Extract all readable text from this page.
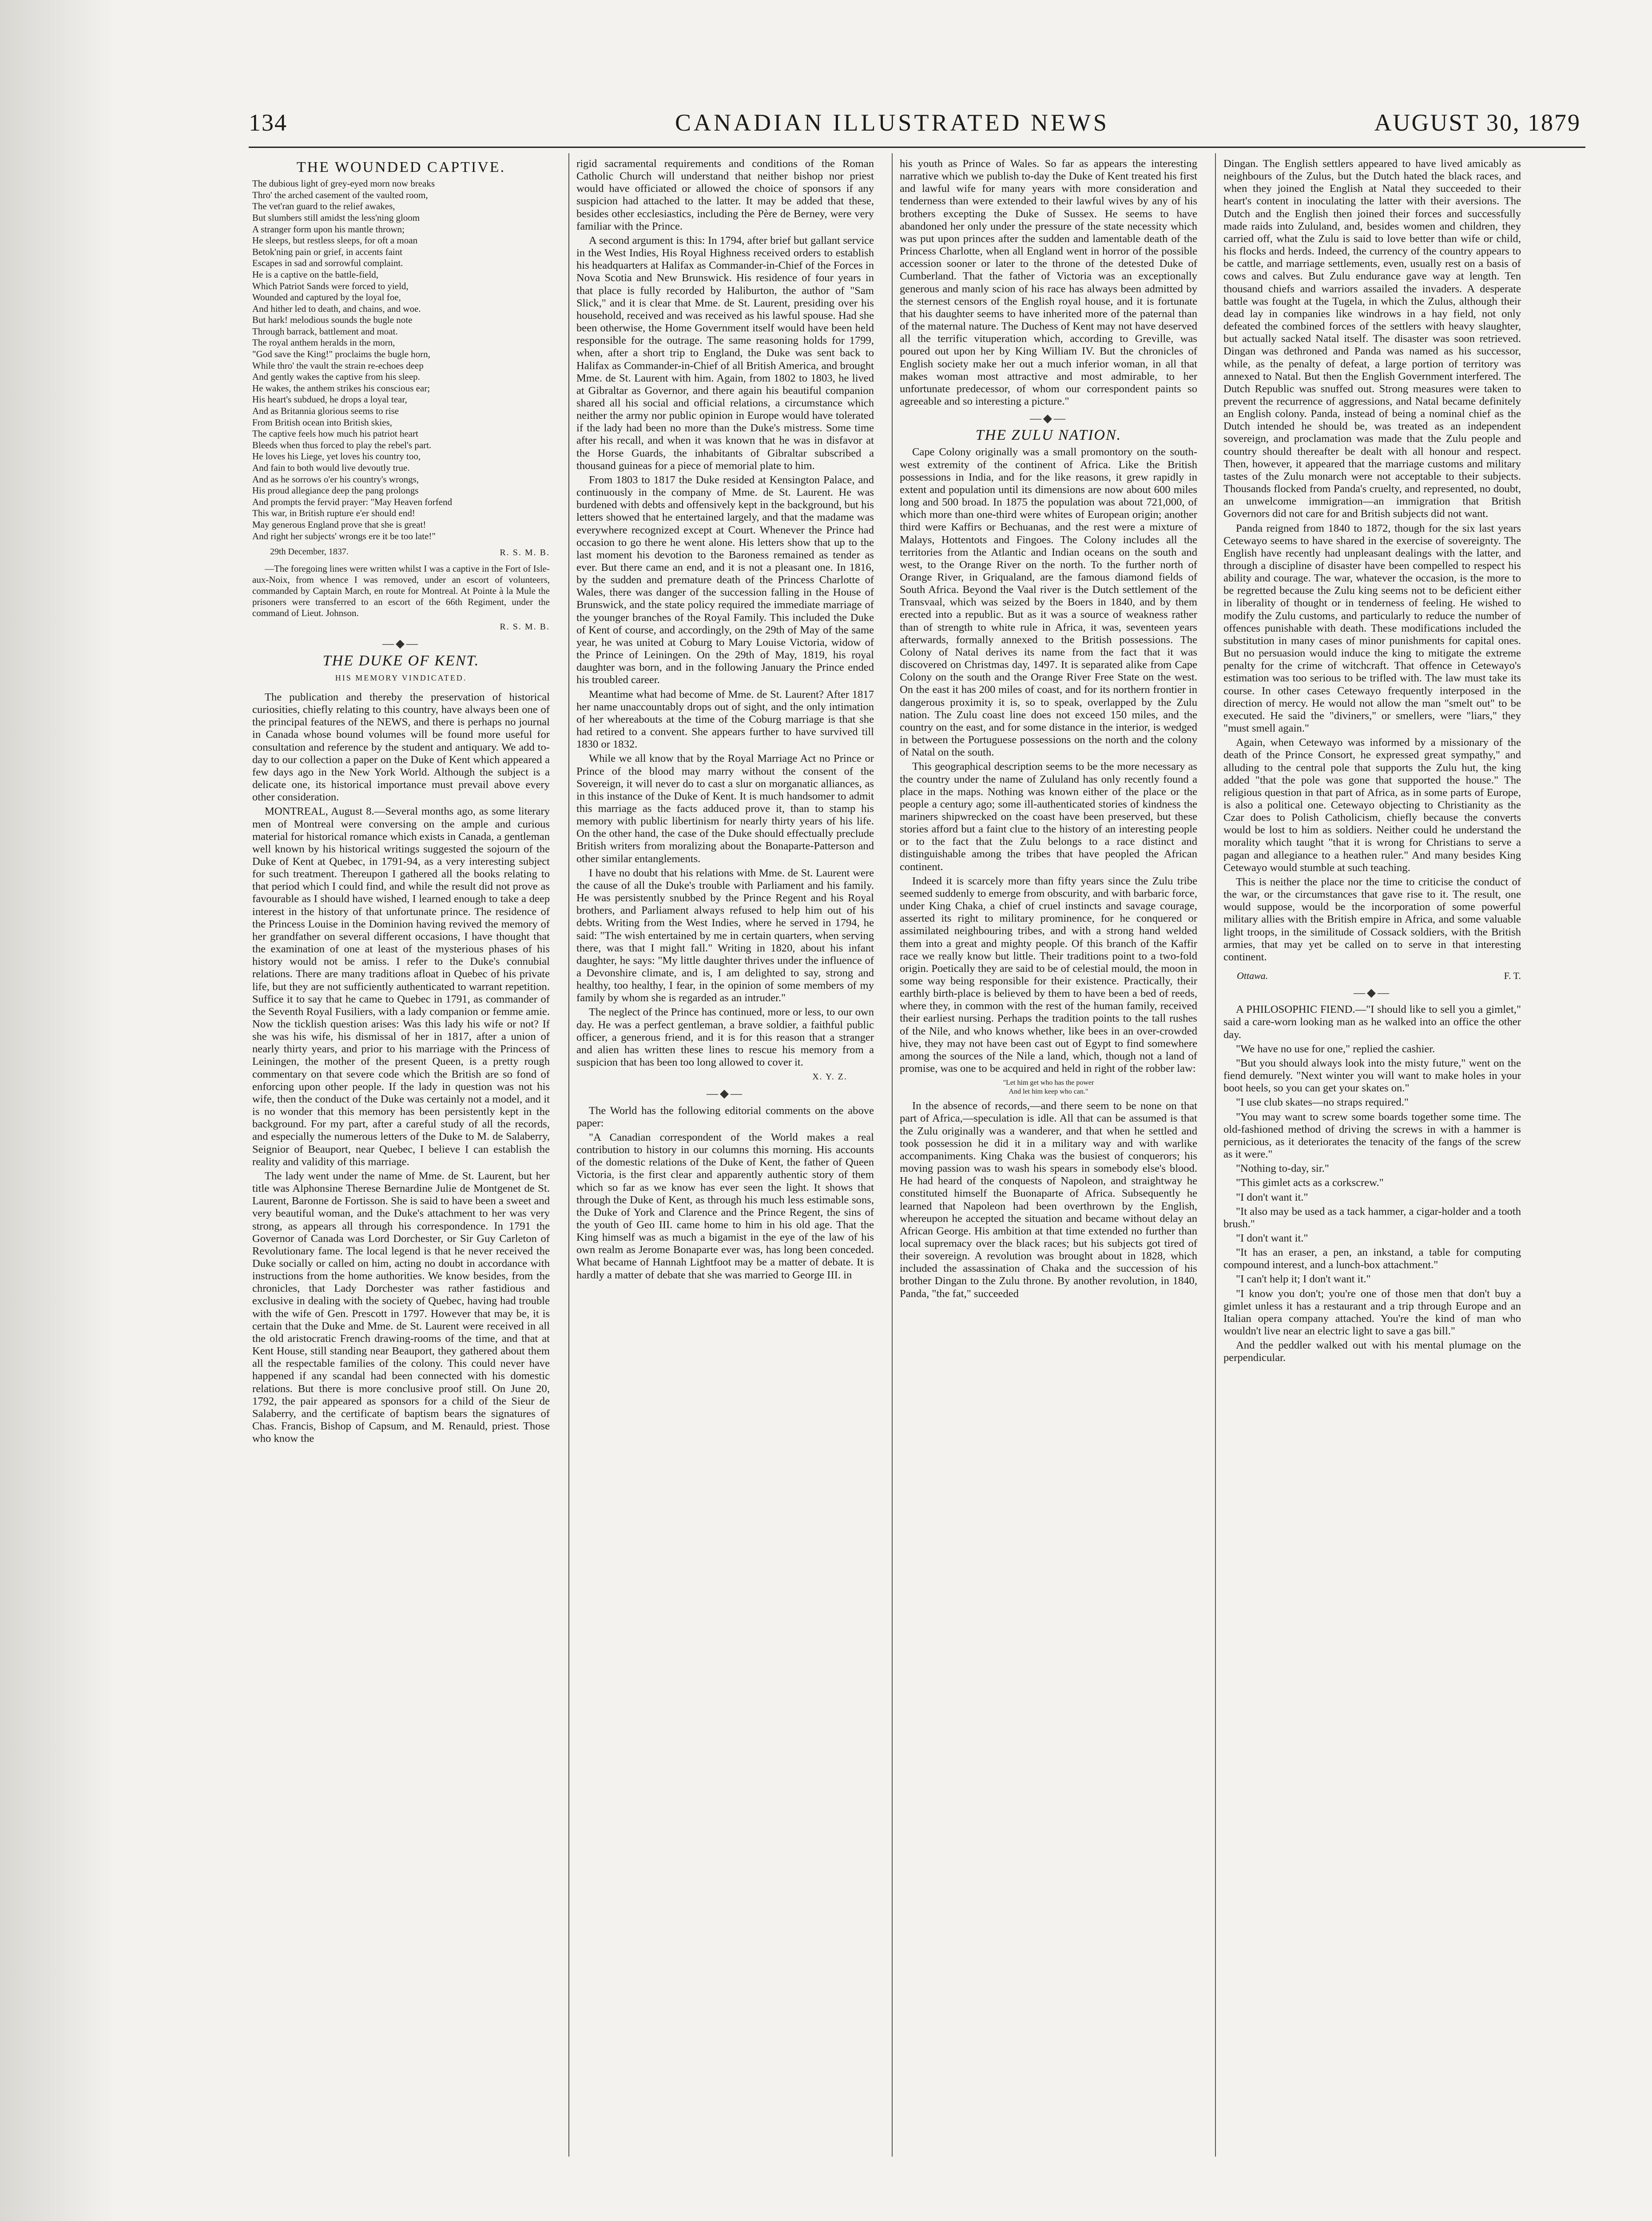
134	CANADIAN ILLUSTRATED NEWS	AUGUST 30, 1879
THE WOUNDED CAPTIVE.
The dubious light of grey-eyed morn now breaks
Thro' the arched casement of the vaulted room,
The vet'ran guard to the relief awakes,
But slumbers still amidst the less'ning gloom
A stranger form upon his mantle thrown;
He sleeps, but restless sleeps, for oft a moan
Betok'ning pain or grief, in accents faint
Escapes in sad and sorrowful complaint.
He is a captive on the battle-field,
Which Patriot Sands were forced to yield,
Wounded and captured by the loyal foe,
And hither led to death, and chains, and woe.
But hark! melodious sounds the bugle note
Through barrack, battlement and moat.
The royal anthem heralds in the morn,
"God save the King!" proclaims the bugle horn,
While thro' the vault the strain re-echoes deep
And gently wakes the captive from his sleep.
He wakes, the anthem strikes his conscious ear;
His heart's subdued, he drops a loyal tear,
And as Britannia glorious seems to rise
From British ocean into British skies,
The captive feels how much his patriot heart
Bleeds when thus forced to play the rebel's part.
He loves his Liege, yet loves his country too,
And fain to both would live devoutly true.
And as he sorrows o'er his country's wrongs,
His proud allegiance deep the pang prolongs
And prompts the fervid prayer: "May Heaven forfend
This war, in British rupture e'er should end!
May generous England prove that she is great!
And right her subjects' wrongs ere it be too late!"
29th December, 1837.	R. S. M. B.

—The foregoing lines were written whilst I was a captive in the Fort of Isle-aux-Noix, from whence I was removed, under an escort of volunteers, commanded by Captain March, en route for Montreal. At Pointe à la Mule the prisoners were transferred to an escort of the 66th Regiment, under the command of Lieut. Johnson.

R. S. M. B.
—◆—
THE DUKE OF KENT.
HIS MEMORY VINDICATED.

The publication and thereby the preservation of historical curiosities, chiefly relating to this country, have always been one of the principal features of the NEWS, and there is perhaps no journal in Canada whose bound volumes will be found more useful for consultation and reference by the student and antiquary. We add to-day to our collection a paper on the Duke of Kent which appeared a few days ago in the New York World. Although the subject is a delicate one, its historical importance must prevail above every other consideration.

MONTREAL, August 8.—Several months ago, as some literary men of Montreal were conversing on the ample and curious material for historical romance which exists in Canada, a gentleman well known by his historical writings suggested the sojourn of the Duke of Kent at Quebec, in 1791-94, as a very interesting subject for such treatment. Thereupon I gathered all the books relating to that period which I could find, and while the result did not prove as favourable as I should have wished, I learned enough to take a deep interest in the history of that unfortunate prince. The residence of the Princess Louise in the Dominion having revived the memory of her grandfather on several different occasions, I have thought that the examination of one at least of the mysterious phases of his history would not be amiss. I refer to the Duke's connubial relations. There are many traditions afloat in Quebec of his private life, but they are not sufficiently authenticated to warrant repetition. Suffice it to say that he came to Quebec in 1791, as commander of the Seventh Royal Fusiliers, with a lady companion or femme amie. Now the ticklish question arises: Was this lady his wife or not? If she was his wife, his dismissal of her in 1817, after a union of nearly thirty years, and prior to his marriage with the Princess of Leiningen, the mother of the present Queen, is a pretty rough commentary on that severe code which the British are so fond of enforcing upon other people. If the lady in question was not his wife, then the conduct of the Duke was certainly not a model, and it is no wonder that this memory has been persistently kept in the background. For my part, after a careful study of all the records, and especially the numerous letters of the Duke to M. de Salaberry, Seignior of Beauport, near Quebec, I believe I can establish the reality and validity of this marriage.

The lady went under the name of Mme. de St. Laurent, but her title was Alphonsine Therese Bernardine Julie de Montgenet de St. Laurent, Baronne de Fortisson. She is said to have been a sweet and very beautiful woman, and the Duke's attachment to her was very strong, as appears all through his correspondence. In 1791 the Governor of Canada was Lord Dorchester, or Sir Guy Carleton of Revolutionary fame. The local legend is that he never received the Duke socially or called on him, acting no doubt in accordance with instructions from the home authorities. We know besides, from the chronicles, that Lady Dorchester was rather fastidious and exclusive in dealing with the society of Quebec, having had trouble with the wife of Gen. Prescott in 1797. However that may be, it is certain that the Duke and Mme. de St. Laurent were received in all the old aristocratic French drawing-rooms of the time, and that at Kent House, still standing near Beauport, they gathered about them all the respectable families of the colony. This could never have happened if any scandal had been connected with his domestic relations. But there is more conclusive proof still. On June 20, 1792, the pair appeared as sponsors for a child of the Sieur de Salaberry, and the certificate of baptism bears the signatures of Chas. Francis, Bishop of Capsum, and M. Renauld, priest. Those who know the

rigid sacramental requirements and conditions of the Roman Catholic Church will understand that neither bishop nor priest would have officiated or allowed the choice of sponsors if any suspicion had attached to the latter. It may be added that these, besides other ecclesiastics, including the Père de Berney, were very familiar with the Prince.

A second argument is this: In 1794, after brief but gallant service in the West Indies, His Royal Highness received orders to establish his headquarters at Halifax as Commander-in-Chief of the Forces in Nova Scotia and New Brunswick. His residence of four years in that place is fully recorded by Haliburton, the author of "Sam Slick," and it is clear that Mme. de St. Laurent, presiding over his household, received and was received as his lawful spouse. Had she been otherwise, the Home Government itself would have been held responsible for the outrage. The same reasoning holds for 1799, when, after a short trip to England, the Duke was sent back to Halifax as Commander-in-Chief of all British America, and brought Mme. de St. Laurent with him. Again, from 1802 to 1803, he lived at Gibraltar as Governor, and there again his beautiful companion shared all his social and official relations, a circumstance which neither the army nor public opinion in Europe would have tolerated if the lady had been no more than the Duke's mistress. Some time after his recall, and when it was known that he was in disfavor at the Horse Guards, the inhabitants of Gibraltar subscribed a thousand guineas for a piece of memorial plate to him.

From 1803 to 1817 the Duke resided at Kensington Palace, and continuously in the company of Mme. de St. Laurent. He was burdened with debts and offensively kept in the background, but his letters showed that he entertained largely, and that the madame was everywhere recognized except at Court. Whenever the Prince had occasion to go there he went alone. His letters show that up to the last moment his devotion to the Baroness remained as tender as ever. But there came an end, and it is not a pleasant one. In 1816, by the sudden and premature death of the Princess Charlotte of Wales, there was danger of the succession falling in the House of Brunswick, and the state policy required the immediate marriage of the younger branches of the Royal Family. This included the Duke of Kent of course, and accordingly, on the 29th of May of the same year, he was united at Coburg to Mary Louise Victoria, widow of the Prince of Leiningen. On the 29th of May, 1819, his royal daughter was born, and in the following January the Prince ended his troubled career.

Meantime what had become of Mme. de St. Laurent? After 1817 her name unaccountably drops out of sight, and the only intimation of her whereabouts at the time of the Coburg marriage is that she had retired to a convent. She appears further to have survived till 1830 or 1832.

While we all know that by the Royal Marriage Act no Prince or Prince of the blood may marry without the consent of the Sovereign, it will never do to cast a slur on morganatic alliances, as in this instance of the Duke of Kent. It is much handsomer to admit this marriage as the facts adduced prove it, than to stamp his memory with public libertinism for nearly thirty years of his life. On the other hand, the case of the Duke should effectually preclude British writers from moralizing about the Bonaparte-Patterson and other similar entanglements.

I have no doubt that his relations with Mme. de St. Laurent were the cause of all the Duke's trouble with Parliament and his family. He was persistently snubbed by the Prince Regent and his Royal brothers, and Parliament always refused to help him out of his debts. Writing from the West Indies, where he served in 1794, he said: "The wish entertained by me in certain quarters, when serving there, was that I might fall." Writing in 1820, about his infant daughter, he says: "My little daughter thrives under the influence of a Devonshire climate, and is, I am delighted to say, strong and healthy, too healthy, I fear, in the opinion of some members of my family by whom she is regarded as an intruder."

The neglect of the Prince has continued, more or less, to our own day. He was a perfect gentleman, a brave soldier, a faithful public officer, a generous friend, and it is for this reason that a stranger and alien has written these lines to rescue his memory from a suspicion that has been too long allowed to cover it.

X. Y. Z.
—◆—

The World has the following editorial comments on the above paper:

"A Canadian correspondent of the World makes a real contribution to history in our columns this morning. His accounts of the domestic relations of the Duke of Kent, the father of Queen Victoria, is the first clear and apparently authentic story of them which so far as we know has ever seen the light. It shows that through the Duke of Kent, as through his much less estimable sons, the Duke of York and Clarence and the Prince Regent, the sins of the youth of Geo III. came home to him in his old age. That the King himself was as much a bigamist in the eye of the law of his own realm as Jerome Bonaparte ever was, has long been conceded. What became of Hannah Lightfoot may be a matter of debate. It is hardly a matter of debate that she was married to George III. in

his youth as Prince of Wales. So far as appears the interesting narrative which we publish to-day the Duke of Kent treated his first and lawful wife for many years with more consideration and tenderness than were extended to their lawful wives by any of his brothers excepting the Duke of Sussex. He seems to have abandoned her only under the pressure of the state necessity which was put upon princes after the sudden and lamentable death of the Princess Charlotte, when all England went in horror of the possible accession sooner or later to the throne of the detested Duke of Cumberland. That the father of Victoria was an exceptionally generous and manly scion of his race has always been admitted by the sternest censors of the English royal house, and it is fortunate that his daughter seems to have inherited more of the paternal than of the maternal nature. The Duchess of Kent may not have deserved all the terrific vituperation which, according to Greville, was poured out upon her by King William IV. But the chronicles of English society make her out a much inferior woman, in all that makes woman most attractive and most admirable, to her unfortunate predecessor, of whom our correspondent paints so agreeable and so interesting a picture."

—◆—
THE ZULU NATION.

Cape Colony originally was a small promontory on the south-west extremity of the continent of Africa. Like the British possessions in India, and for the like reasons, it grew rapidly in extent and population until its dimensions are now about 600 miles long and 500 broad. In 1875 the population was about 721,000, of which more than one-third were whites of European origin; another third were Kaffirs or Bechuanas, and the rest were a mixture of Malays, Hottentots and Fingoes. The Colony includes all the territories from the Atlantic and Indian oceans on the south and west, to the Orange River on the north. To the further north of Orange River, in Griqualand, are the famous diamond fields of South Africa. Beyond the Vaal river is the Dutch settlement of the Transvaal, which was seized by the Boers in 1840, and by them erected into a republic. But as it was a source of weakness rather than of strength to white rule in Africa, it was, seventeen years afterwards, formally annexed to the British possessions. The Colony of Natal derives its name from the fact that it was discovered on Christmas day, 1497. It is separated alike from Cape Colony on the south and the Orange River Free State on the west. On the east it has 200 miles of coast, and for its northern frontier in dangerous proximity it is, so to speak, overlapped by the Zulu nation. The Zulu coast line does not exceed 150 miles, and the country on the east, and for some distance in the interior, is wedged in between the Portuguese possessions on the north and the colony of Natal on the south.

This geographical description seems to be the more necessary as the country under the name of Zululand has only recently found a place in the maps. Nothing was known either of the place or the people a century ago; some ill-authenticated stories of kindness the mariners shipwrecked on the coast have been preserved, but these stories afford but a faint clue to the history of an interesting people or to the fact that the Zulu belongs to a race distinct and distinguishable among the tribes that have peopled the African continent.

Indeed it is scarcely more than fifty years since the Zulu tribe seemed suddenly to emerge from obscurity, and with barbaric force, under King Chaka, a chief of cruel instincts and savage courage, asserted its right to military prominence, for he conquered or assimilated neighbouring tribes, and with a strong hand welded them into a great and mighty people. Of this branch of the Kaffir race we really know but little. Their traditions point to a two-fold origin. Poetically they are said to be of celestial mould, the moon in some way being responsible for their existence. Practically, their earthly birth-place is believed by them to have been a bed of reeds, where they, in common with the rest of the human family, received their earliest nursing. Perhaps the tradition points to the tall rushes of the Nile, and who knows whether, like bees in an over-crowded hive, they may not have been cast out of Egypt to find somewhere among the sources of the Nile a land, which, though not a land of promise, was one to be acquired and held in right of the robber law:

"Let him get who has the power
And let him keep who can."

In the absence of records,—and there seem to be none on that part of Africa,—speculation is idle. All that can be assumed is that the Zulu originally was a wanderer, and that when he settled and took possession he did it in a military way and with warlike accompaniments. King Chaka was the busiest of conquerors; his moving passion was to wash his spears in somebody else's blood. He had heard of the conquests of Napoleon, and straightway he constituted himself the Buonaparte of Africa. Subsequently he learned that Napoleon had been overthrown by the English, whereupon he accepted the situation and became without delay an African George. His ambition at that time extended no further than local supremacy over the black races; but his subjects got tired of their sovereign. A revolution was brought about in 1828, which included the assassination of Chaka and the succession of his brother Dingan to the Zulu throne. By another revolution, in 1840, Panda, "the fat," succeeded

Dingan. The English settlers appeared to have lived amicably as neighbours of the Zulus, but the Dutch hated the black races, and when they joined the English at Natal they succeeded to their heart's content in inoculating the latter with their aversions. The Dutch and the English then joined their forces and successfully made raids into Zululand, and, besides women and children, they carried off, what the Zulu is said to love better than wife or child, his flocks and herds. Indeed, the currency of the country appears to be cattle, and marriage settlements, even, usually rest on a basis of cows and calves. But Zulu endurance gave way at length. Ten thousand chiefs and warriors assailed the invaders. A desperate battle was fought at the Tugela, in which the Zulus, although their dead lay in companies like windrows in a hay field, not only defeated the combined forces of the settlers with heavy slaughter, but actually sacked Natal itself. The disaster was soon retrieved. Dingan was dethroned and Panda was named as his successor, while, as the penalty of defeat, a large portion of territory was annexed to Natal. But then the English Government interfered. The Dutch Republic was snuffed out. Strong measures were taken to prevent the recurrence of aggressions, and Natal became definitely an English colony. Panda, instead of being a nominal chief as the Dutch intended he should be, was treated as an independent sovereign, and proclamation was made that the Zulu people and country should thereafter be dealt with all honour and respect. Then, however, it appeared that the marriage customs and military tastes of the Zulu monarch were not acceptable to their subjects. Thousands flocked from Panda's cruelty, and represented, no doubt, an unwelcome immigration—an immigration that British Governors did not care for and British subjects did not want.

Panda reigned from 1840 to 1872, though for the six last years Cetewayo seems to have shared in the exercise of sovereignty. The English have recently had unpleasant dealings with the latter, and through a discipline of disaster have been compelled to respect his ability and courage. The war, whatever the occasion, is the more to be regretted because the Zulu king seems not to be deficient either in liberality of thought or in tenderness of feeling. He wished to modify the Zulu customs, and particularly to reduce the number of offences punishable with death. These modifications included the substitution in many cases of minor punishments for capital ones. But no persuasion would induce the king to mitigate the extreme penalty for the crime of witchcraft. That offence in Cetewayo's estimation was too serious to be trifled with. The law must take its course. In other cases Cetewayo frequently interposed in the direction of mercy. He would not allow the man "smelt out" to be executed. He said the "diviners," or smellers, were "liars," they "must smell again."

Again, when Cetewayo was informed by a missionary of the death of the Prince Consort, he expressed great sympathy," and alluding to the central pole that supports the Zulu hut, the king added "that the pole was gone that supported the house." The religious question in that part of Africa, as in some parts of Europe, is also a political one. Cetewayo objecting to Christianity as the Czar does to Polish Catholicism, chiefly because the converts would be lost to him as soldiers. Neither could he understand the morality which taught "that it is wrong for Christians to serve a pagan and allegiance to a heathen ruler." And many besides King Cetewayo would stumble at such teaching.

This is neither the place nor the time to criticise the conduct of the war, or the circumstances that gave rise to it. The result, one would suppose, would be the incorporation of some powerful military allies with the British empire in Africa, and some valuable light troops, in the similitude of Cossack soldiers, with the British armies, that may yet be called on to serve in that interesting continent.

Ottawa.	F. T.
—◆—

A PHILOSOPHIC FIEND.—"I should like to sell you a gimlet," said a care-worn looking man as he walked into an office the other day.

"We have no use for one," replied the cashier.

"But you should always look into the misty future," went on the fiend demurely. "Next winter you will want to make holes in your boot heels, so you can get your skates on."

"I use club skates—no straps required."

"You may want to screw some boards together some time. The old-fashioned method of driving the screws in with a hammer is pernicious, as it deteriorates the tenacity of the fangs of the screw as it were."

"Nothing to-day, sir."

"This gimlet acts as a corkscrew."

"I don't want it."

"It also may be used as a tack hammer, a cigar-holder and a tooth brush."

"I don't want it."

"It has an eraser, a pen, an inkstand, a table for computing compound interest, and a lunch-box attachment."

"I can't help it; I don't want it."

"I know you don't; you're one of those men that don't buy a gimlet unless it has a restaurant and a trip through Europe and an Italian opera company attached. You're the kind of man who wouldn't live near an electric light to save a gas bill."

And the peddler walked out with his mental plumage on the perpendicular.
